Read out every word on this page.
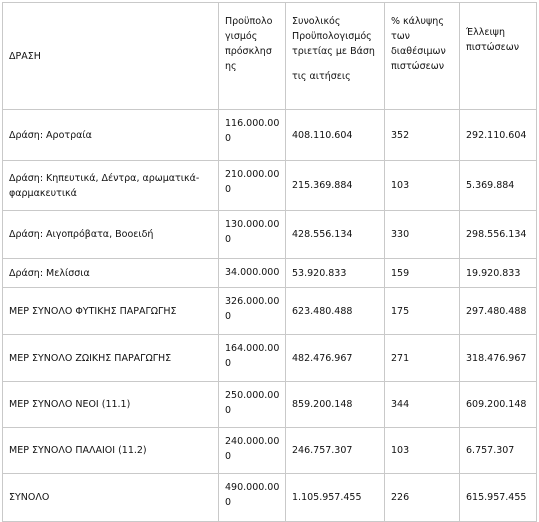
ΔΡΑΣΗ	Προϋπολο
γισμός
πρόσκλησ
ης	Συνολικός
Προϋπολογισμός
τριετίας με Βάση
τις αιτήσεις	% κάλυψης
των
διαθέσιμων
πιστώσεων	Έλλειψη
πιστώσεων
Δράση: Αροτραία	116.000.000	408.110.604	352	292.110.604
Δράση: Κηπευτικά, Δέντρα, αρωματικά-φαρμακευτικά	210.000.000	215.369.884	103	5.369.884
Δράση: Αιγοπρόβατα, Βοοειδή	130.000.000	428.556.134	330	298.556.134
Δράση: Μελίσσια	34.000.000	53.920.833	159	19.920.833
ΜΕΡ ΣΥΝΟΛΟ ΦΥΤΙΚΗΣ ΠΑΡΑΓΩΓΗΣ	326.000.000	623.480.488	175	297.480.488
ΜΕΡ ΣΥΝΟΛΟ ΖΩΙΚΗΣ ΠΑΡΑΓΩΓΗΣ	164.000.000	482.476.967	271	318.476.967
ΜΕΡ ΣΥΝΟΛΟ ΝΕΟΙ (11.1)	250.000.000	859.200.148	344	609.200.148
ΜΕΡ ΣΥΝΟΛΟ ΠΑΛΑΙΟΙ (11.2)	240.000.000	246.757.307	103	6.757.307
ΣΥΝΟΛΟ	490.000.000	1.105.957.455	226	615.957.455
